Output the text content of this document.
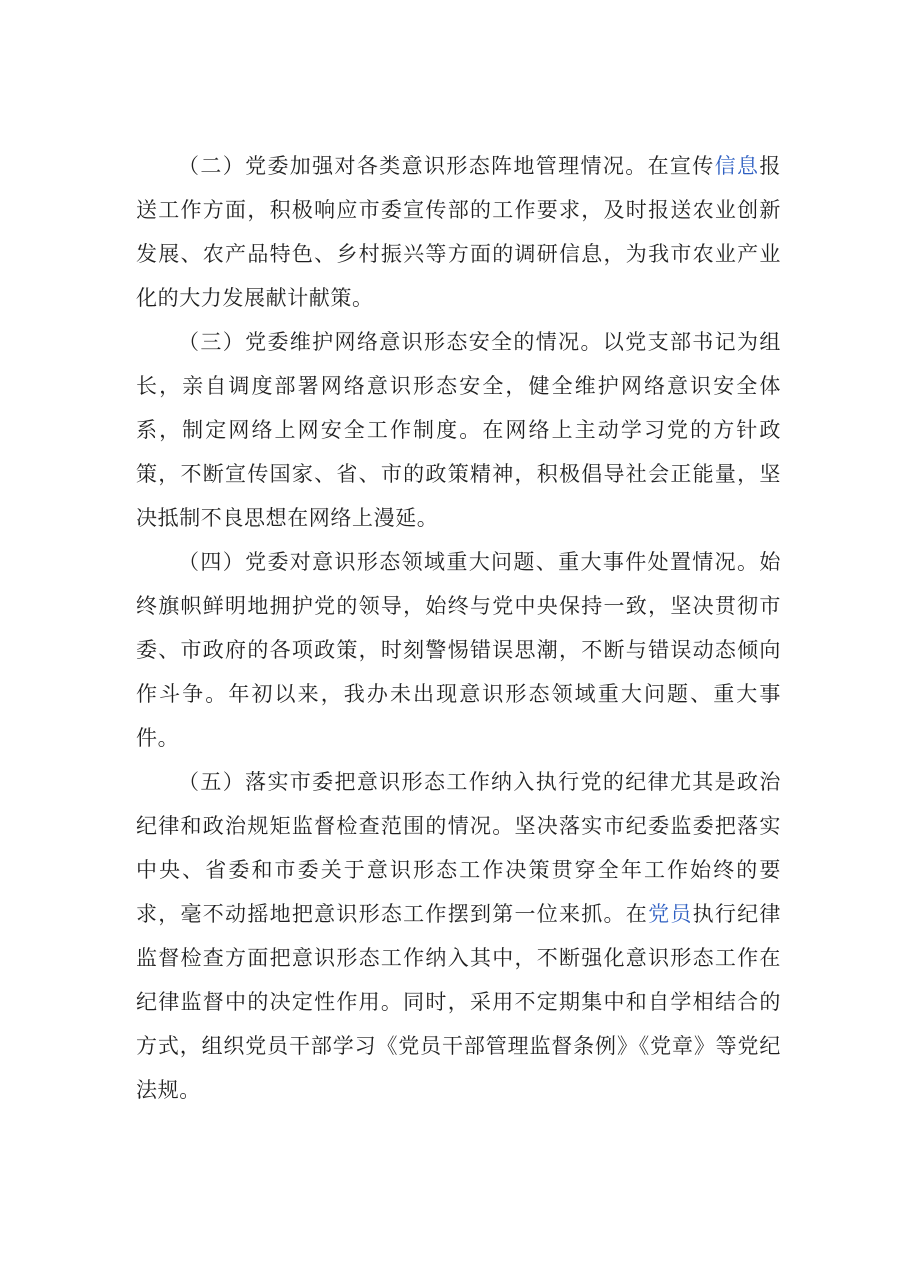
（二）党委加强对各类意识形态阵地管理情况。在宣传信息报送工作方面，积极响应市委宣传部的工作要求，及时报送农业创新发展、农产品特色、乡村振兴等方面的调研信息，为我市农业产业化的大力发展献计献策。

（三）党委维护网络意识形态安全的情况。以党支部书记为组长，亲自调度部署网络意识形态安全，健全维护网络意识安全体系，制定网络上网安全工作制度。在网络上主动学习党的方针政策，不断宣传国家、省、市的政策精神，积极倡导社会正能量，坚决抵制不良思想在网络上漫延。

（四）党委对意识形态领域重大问题、重大事件处置情况。始终旗帜鲜明地拥护党的领导，始终与党中央保持一致，坚决贯彻市委、市政府的各项政策，时刻警惕错误思潮，不断与错误动态倾向作斗争。年初以来，我办未出现意识形态领域重大问题、重大事件。

（五）落实市委把意识形态工作纳入执行党的纪律尤其是政治纪律和政治规矩监督检查范围的情况。坚决落实市纪委监委把落实中央、省委和市委关于意识形态工作决策贯穿全年工作始终的要求，毫不动摇地把意识形态工作摆到第一位来抓。在党员执行纪律监督检查方面把意识形态工作纳入其中，不断强化意识形态工作在纪律监督中的决定性作用。同时，采用不定期集中和自学相结合的方式，组织党员干部学习《党员干部管理监督条例》《党章》等党纪法规。
